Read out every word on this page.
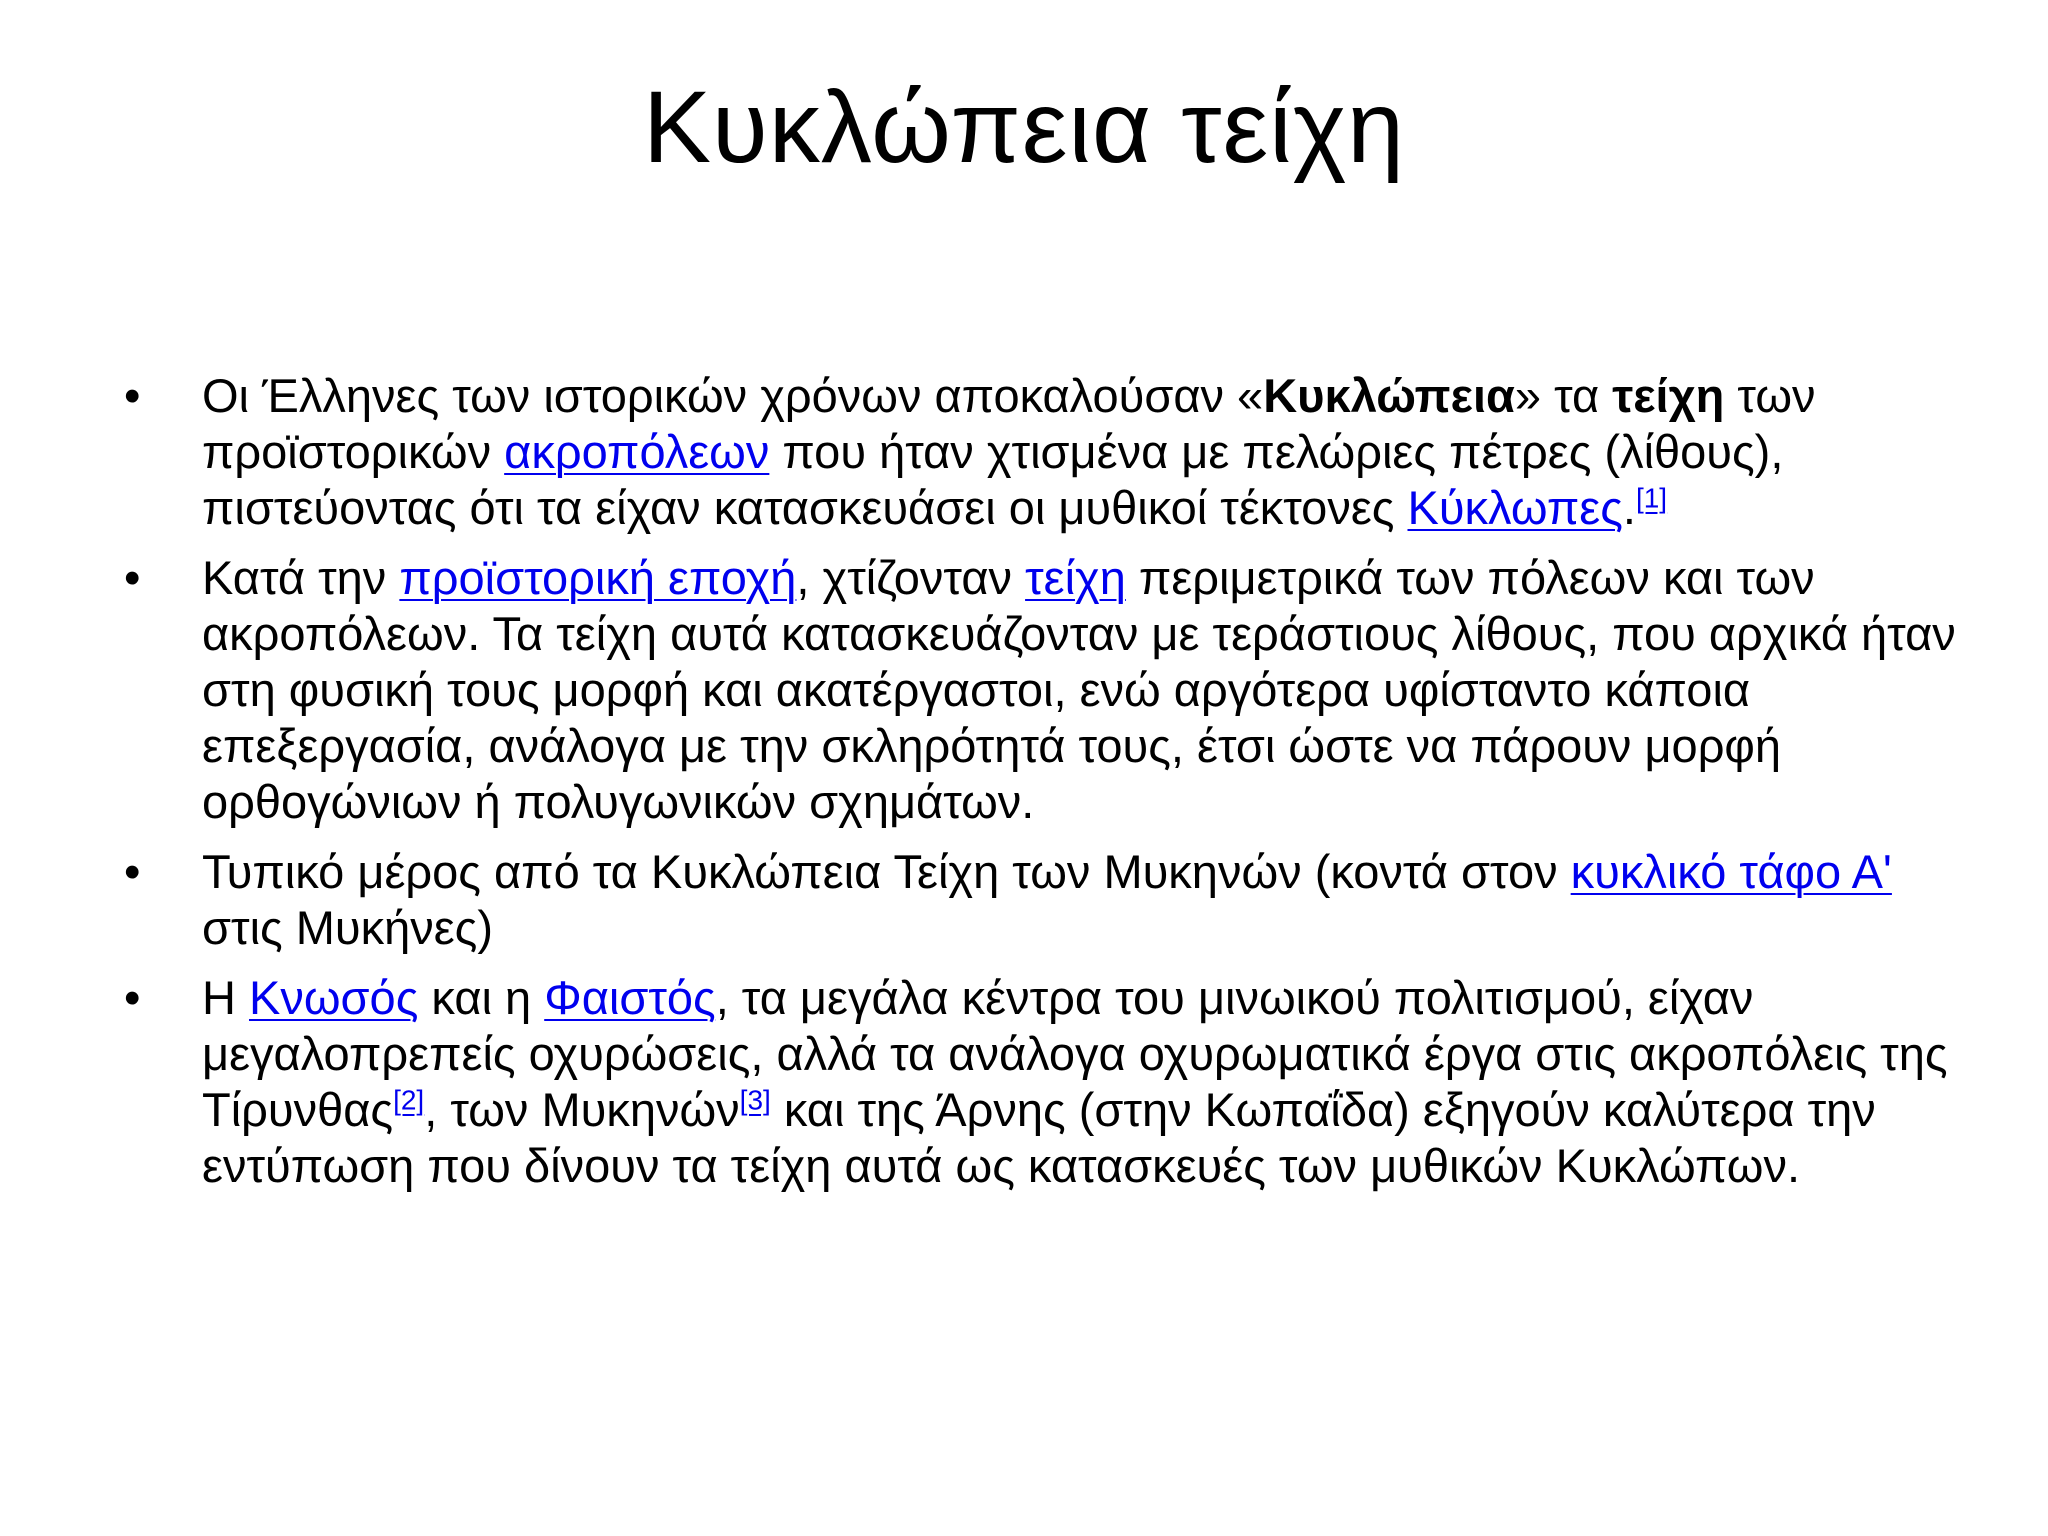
Κυκλώπεια τείχη
• Οι Έλληνες των ιστορικών χρόνων αποκαλούσαν «Κυκλώπεια» τα τείχη των προϊστορικών ακροπόλεων που ήταν χτισμένα με πελώριες πέτρες (λίθους), πιστεύοντας ότι τα είχαν κατασκευάσει οι μυθικοί τέκτονες Κύκλωπες.[1]
• Κατά την προϊστορική εποχή, χτίζονταν τείχη περιμετρικά των πόλεων και των ακροπόλεων. Τα τείχη αυτά κατασκευάζονταν με τεράστιους λίθους, που αρχικά ήταν στη φυσική τους μορφή και ακατέργαστοι, ενώ αργότερα υφίσταντο κάποια επεξεργασία, ανάλογα με την σκληρότητά τους, έτσι ώστε να πάρουν μορφή ορθογώνιων ή πολυγωνικών σχημάτων.
• Τυπικό μέρος από τα Κυκλώπεια Τείχη των Μυκηνών (κοντά στον κυκλικό τάφο Α' στις Μυκήνες)
• Η Κνωσός και η Φαιστός, τα μεγάλα κέντρα του μινωικού πολιτισμού, είχαν μεγαλοπρεπείς οχυρώσεις, αλλά τα ανάλογα οχυρωματικά έργα στις ακροπόλεις της Τίρυνθας[2], των Μυκηνών[3] και της Άρνης (στην Κωπαΐδα) εξηγούν καλύτερα την εντύπωση που δίνουν τα τείχη αυτά ως κατασκευές των μυθικών Κυκλώπων.
